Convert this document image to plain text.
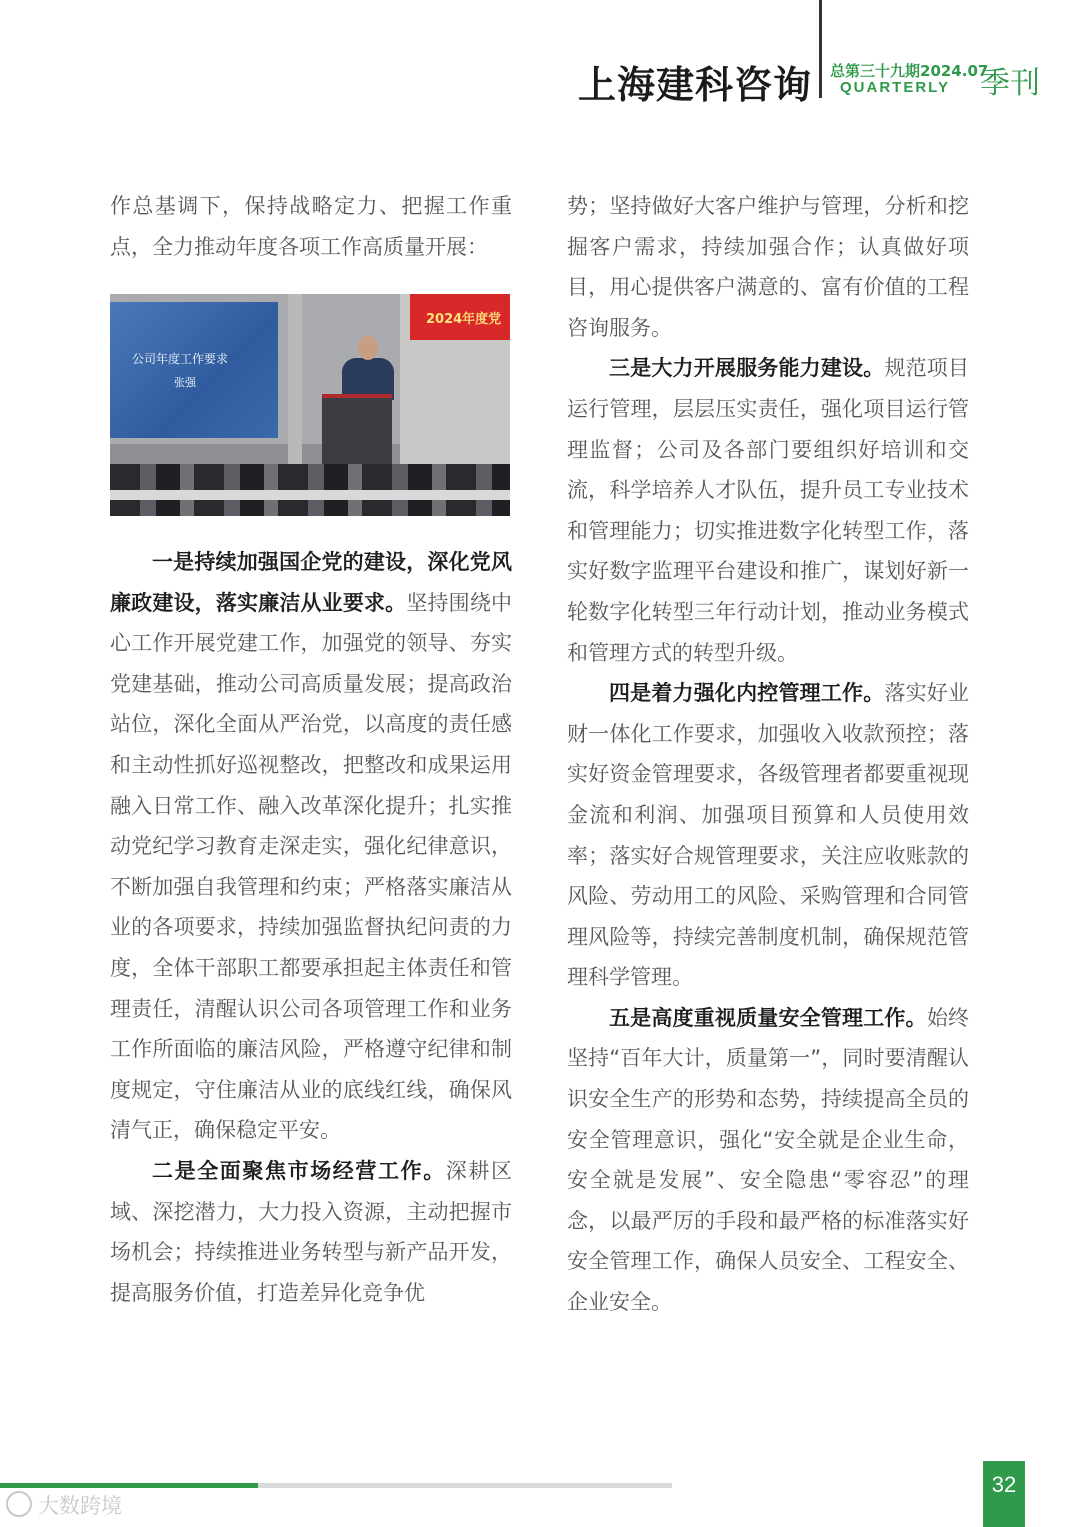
上海建科咨询 总第三十九期2024.07
QUARTERLY 季刊

作总基调下，保持战略定力、把握工作重点，全力推动年度各项工作高质量开展：

公司年度工作要求
张强
2024年度党

一是持续加强国企党的建设，深化党风廉政建设，落实廉洁从业要求。坚持围绕中心工作开展党建工作，加强党的领导、夯实党建基础，推动公司高质量发展；提高政治站位，深化全面从严治党，以高度的责任感和主动性抓好巡视整改，把整改和成果运用融入日常工作、融入改革深化提升；扎实推动党纪学习教育走深走实，强化纪律意识，不断加强自我管理和约束；严格落实廉洁从业的各项要求，持续加强监督执纪问责的力度，全体干部职工都要承担起主体责任和管理责任，清醒认识公司各项管理工作和业务工作所面临的廉洁风险，严格遵守纪律和制度规定，守住廉洁从业的底线红线，确保风清气正，确保稳定平安。

二是全面聚焦市场经营工作。深耕区域、深挖潜力，大力投入资源，主动把握市场机会；持续推进业务转型与新产品开发，提高服务价值，打造差异化竞争优

势；坚持做好大客户维护与管理，分析和挖掘客户需求，持续加强合作；认真做好项目，用心提供客户满意的、富有价值的工程咨询服务。

三是大力开展服务能力建设。规范项目运行管理，层层压实责任，强化项目运行管理监督；公司及各部门要组织好培训和交流，科学培养人才队伍，提升员工专业技术和管理能力；切实推进数字化转型工作，落实好数字监理平台建设和推广，谋划好新一轮数字化转型三年行动计划，推动业务模式和管理方式的转型升级。

四是着力强化内控管理工作。落实好业财一体化工作要求，加强收入收款预控；落实好资金管理要求，各级管理者都要重视现金流和利润、加强项目预算和人员使用效率；落实好合规管理要求，关注应收账款的风险、劳动用工的风险、采购管理和合同管理风险等，持续完善制度机制，确保规范管理科学管理。

五是高度重视质量安全管理工作。始终坚持“百年大计，质量第一”，同时要清醒认识安全生产的形势和态势，持续提高全员的安全管理意识，强化“安全就是企业生命，安全就是发展”、安全隐患“零容忍”的理念，以最严厉的手段和最严格的标准落实好安全管理工作，确保人员安全、工程安全、企业安全。

大数跨境
32
